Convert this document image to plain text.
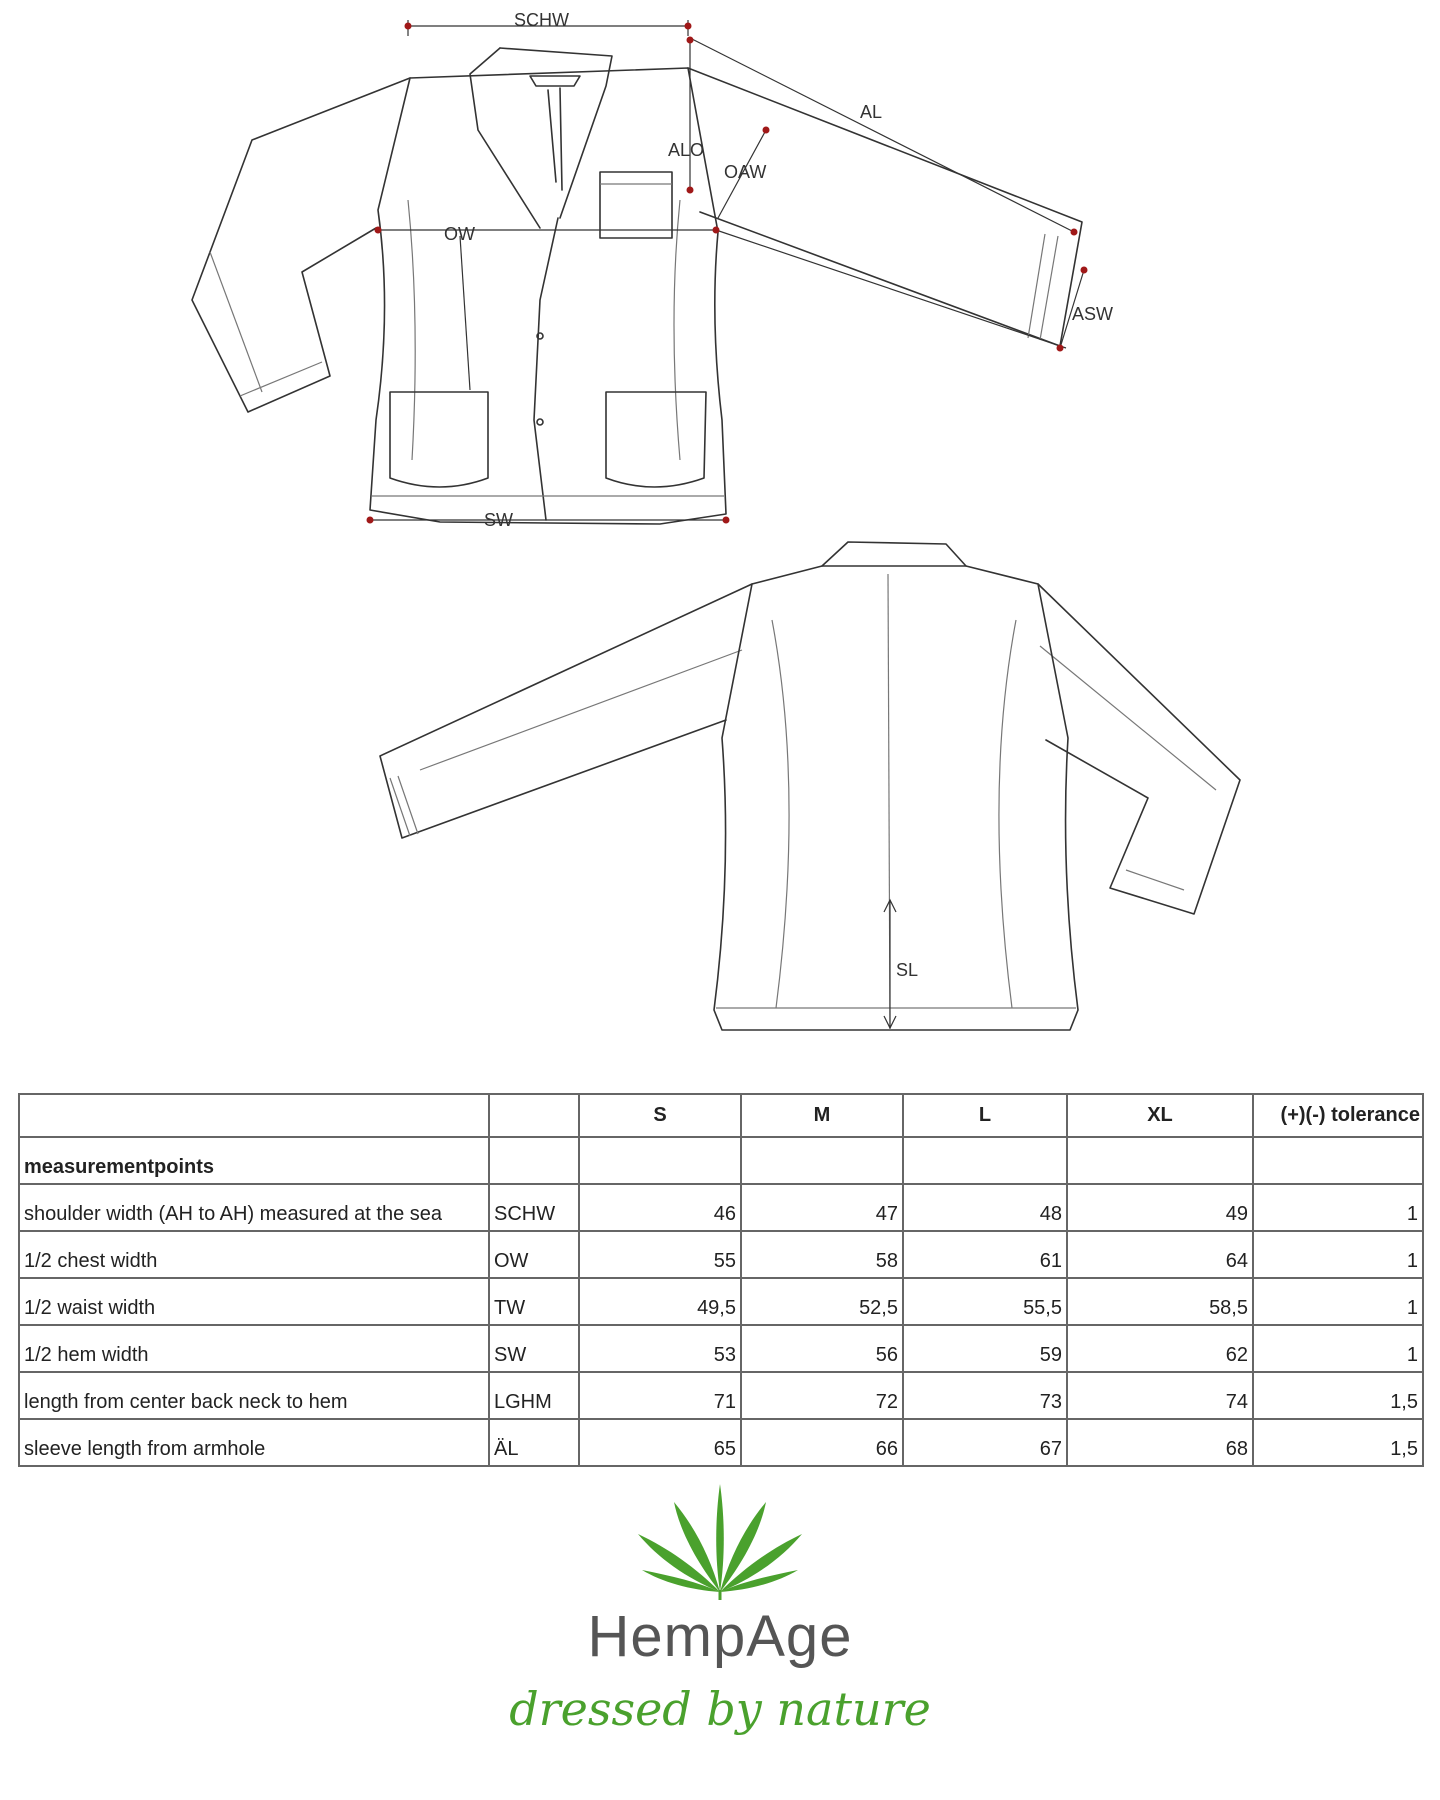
SCHW
AL
ALO
OAW
OW
ASW
SW
SL
		S	M	L	XL	(+)(-) tolerance
measurementpoints						
shoulder width (AH to AH) measured at the sea	SCHW	46	47	48	49	1
1/2 chest width	OW	55	58	61	64	1
1/2 waist width	TW	49,5	52,5	55,5	58,5	1
1/2 hem width	SW	53	56	59	62	1
length from center back neck to hem	LGHM	71	72	73	74	1,5
sleeve length from armhole	ÄL	65	66	67	68	1,5
HempAge
dressed by nature
